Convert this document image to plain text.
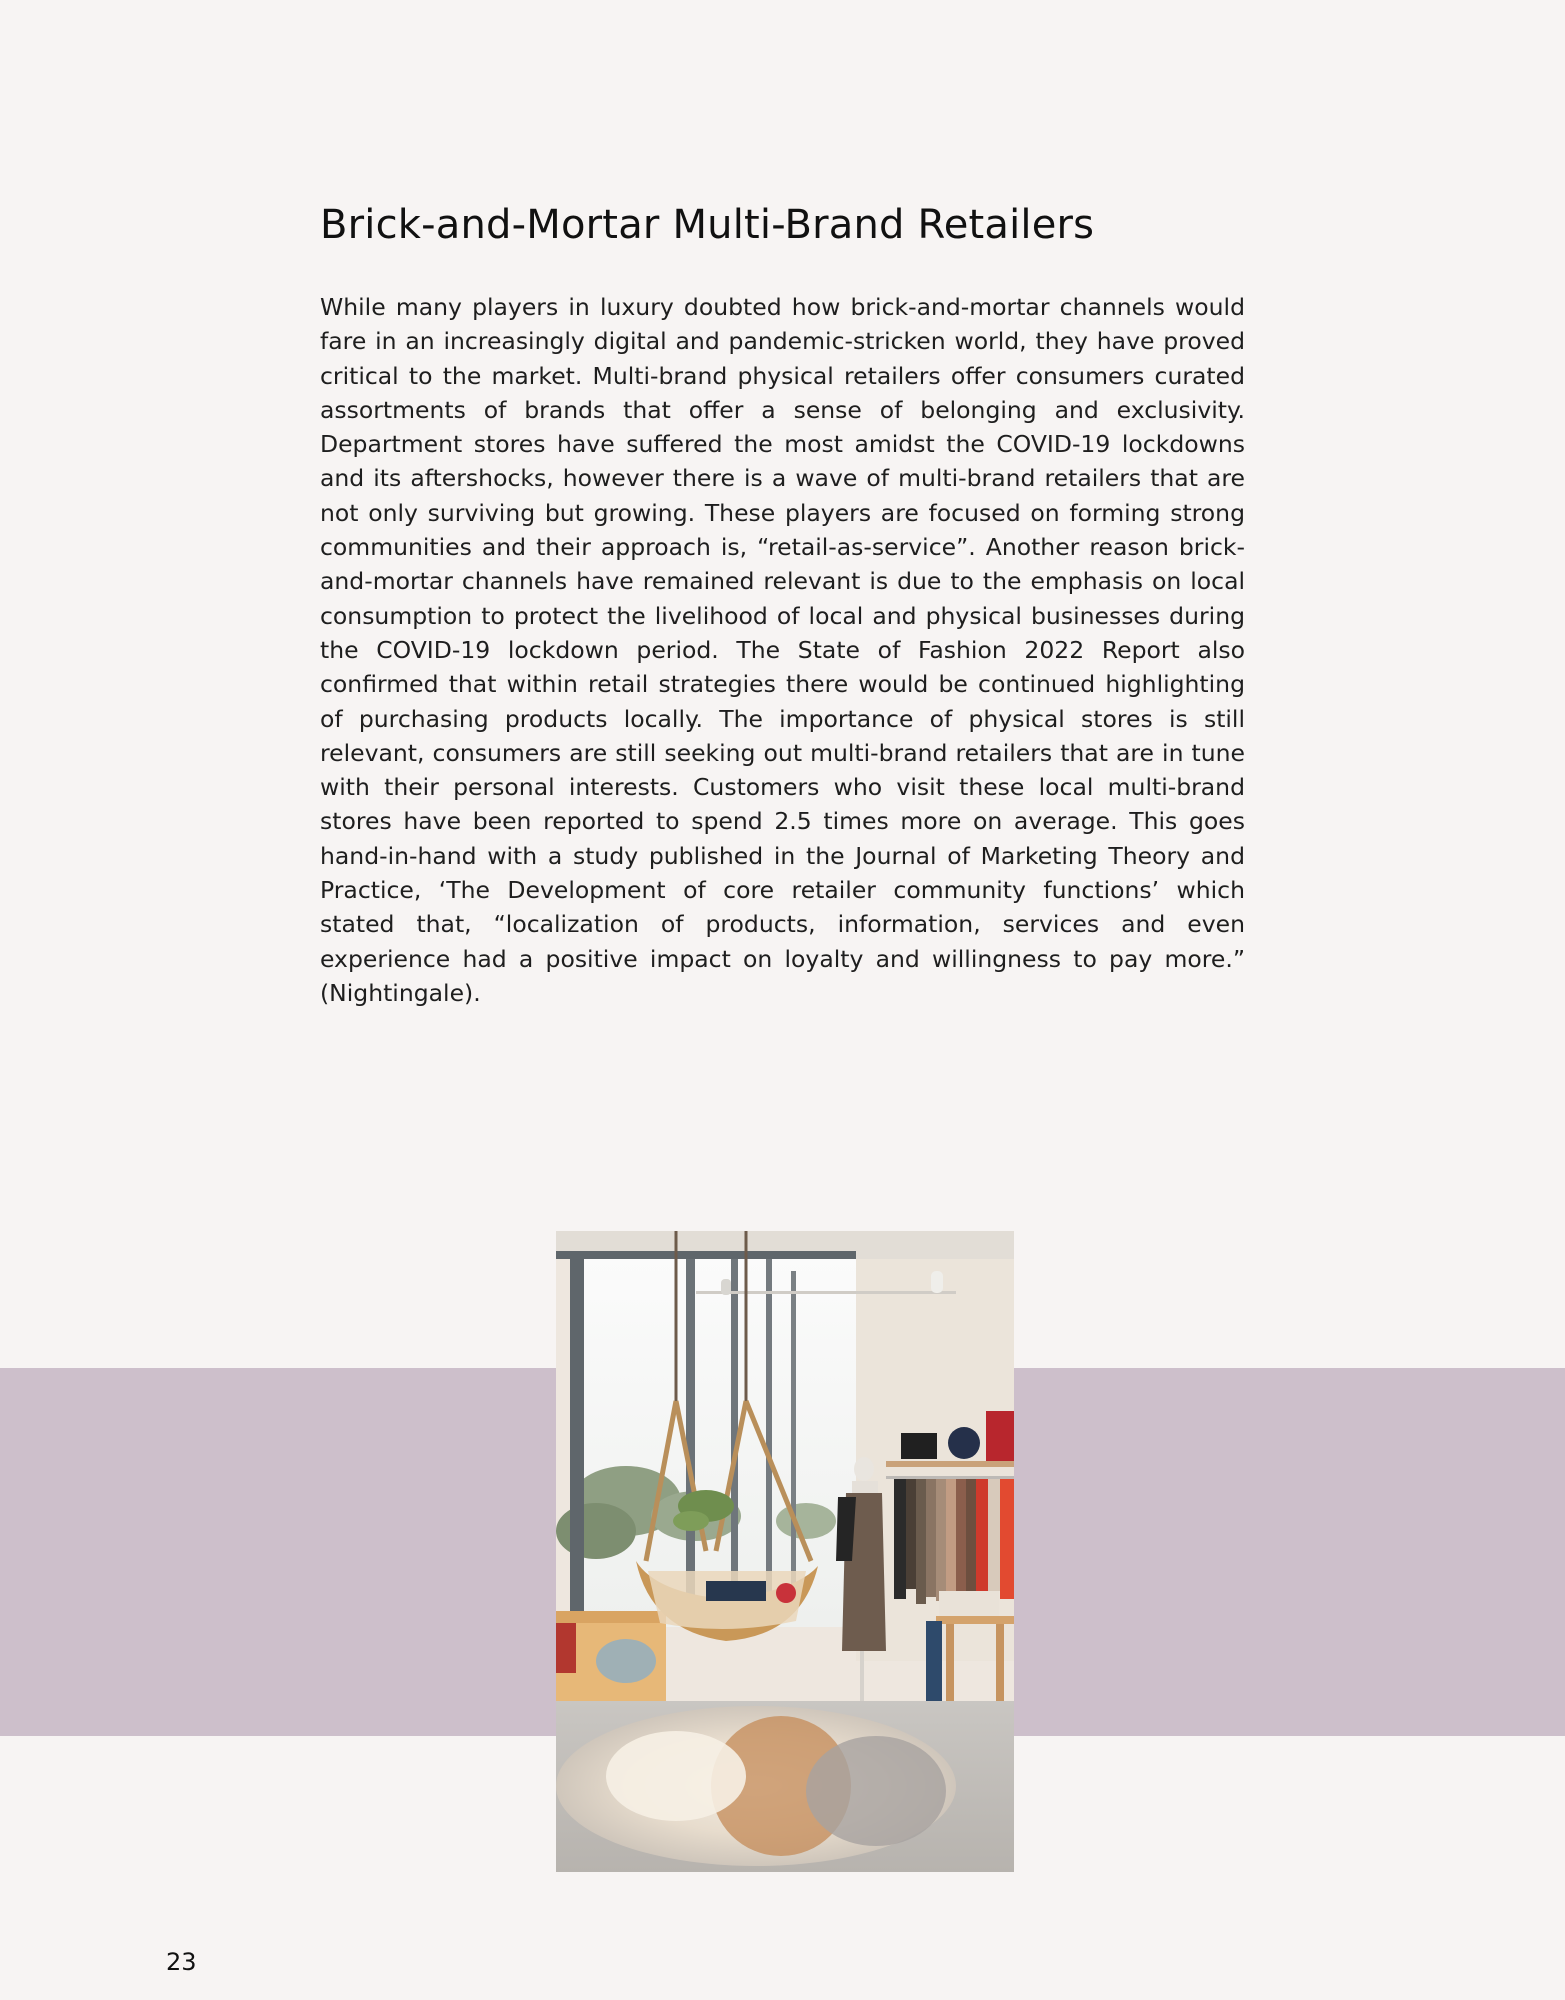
Brick-and-Mortar Multi-Brand Retailers

While many players in luxury doubted how brick-and-mortar channels would fare in an increasingly digital and pandemic-stricken world, they have proved critical to the market. Multi-brand physical retailers offer consumers curated assortments of brands that offer a sense of belonging and exclusivity. Department stores have suffered the most amidst the COVID-19 lockdowns and its aftershocks, however there is a wave of multi-brand retailers that are not only surviving but growing. These players are focused on forming strong communities and their approach is, “retail-as-service”. Another reason brick-and-mortar channels have remained relevant is due to the emphasis on local consumption to protect the livelihood of local and physical businesses during the COVID-19 lockdown period. The State of Fashion 2022 Report also confirmed that within retail strategies there would be continued highlighting of purchasing products locally. The importance of physical stores is still relevant, consumers are still seeking out multi-brand retailers that are in tune with their personal interests. Customers who visit these local multi-brand stores have been reported to spend 2.5 times more on average. This goes hand-in-hand with a study published in the Journal of Marketing Theory and Practice, ‘The Development of core retailer community functions’ which stated that, “localization of products, information, services and even experience had a positive impact on loyalty and willingness to pay more.” (Nightingale).

23
